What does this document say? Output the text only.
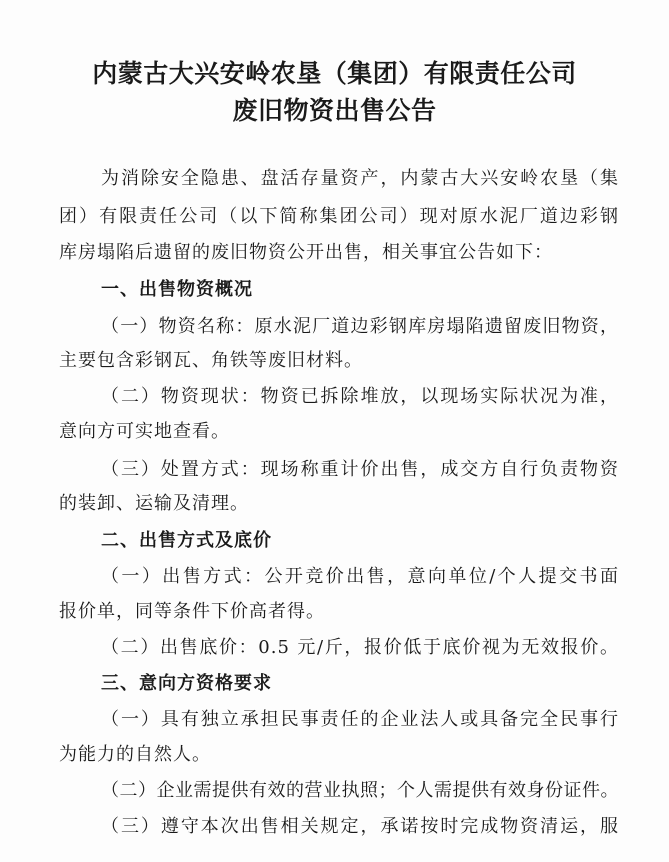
内蒙古大兴安岭农垦（集团）有限责任公司
废旧物资出售公告
为消除安全隐患、盘活存量资产，内蒙古大兴安岭农垦（集
团）有限责任公司（以下简称集团公司）现对原水泥厂道边彩钢
库房塌陷后遗留的废旧物资公开出售，相关事宜公告如下：
一、出售物资概况
（一）物资名称：原水泥厂道边彩钢库房塌陷遗留废旧物资，
主要包含彩钢瓦、角铁等废旧材料。
（二）物资现状：物资已拆除堆放，以现场实际状况为准，
意向方可实地查看。
（三）处置方式：现场称重计价出售，成交方自行负责物资
的装卸、运输及清理。
二、出售方式及底价
（一）出售方式：公开竞价出售，意向单位/个人提交书面
报价单，同等条件下价高者得。
（二）出售底价：0.5 元/斤，报价低于底价视为无效报价。
三、意向方资格要求
（一）具有独立承担民事责任的企业法人或具备完全民事行
为能力的自然人。
（二）企业需提供有效的营业执照；个人需提供有效身份证件。
（三）遵守本次出售相关规定，承诺按时完成物资清运，服
